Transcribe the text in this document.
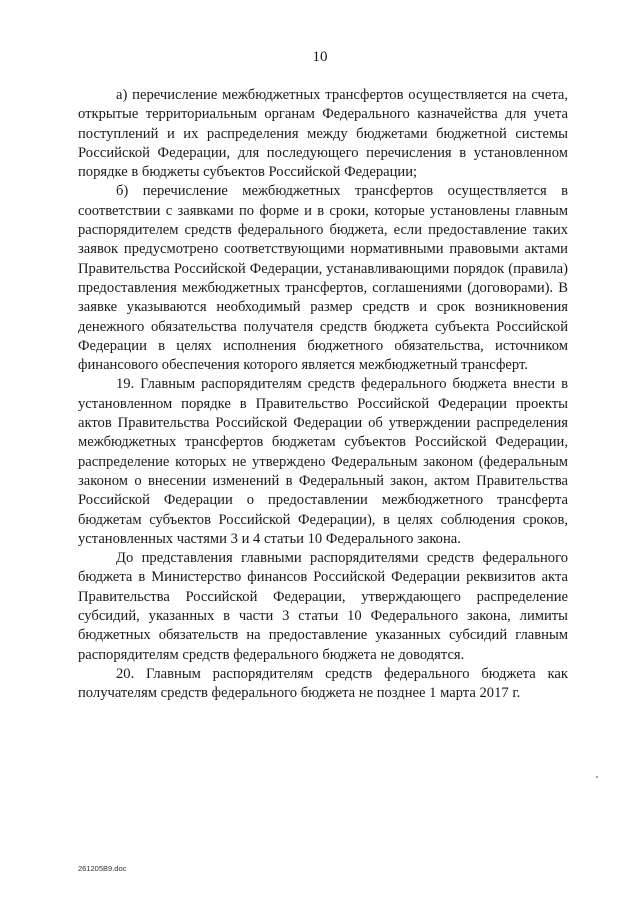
10

а) перечисление межбюджетных трансфертов осуществляется на счета, открытые территориальным органам Федерального казначейства для учета поступлений и их распределения между бюджетами бюджетной системы Российской Федерации, для последующего перечисления в установленном порядке в бюджеты субъектов Российской Федерации;

б) перечисление межбюджетных трансфертов осуществляется в соответствии с заявками по форме и в сроки, которые установлены главным распорядителем средств федерального бюджета, если предоставление таких заявок предусмотрено соответствующими нормативными правовыми актами Правительства Российской Федерации, устанавливающими порядок (правила) предоставления межбюджетных трансфертов, соглашениями (договорами). В заявке указываются необходимый размер средств и срок возникновения денежного обязательства получателя средств бюджета субъекта Российской Федерации в целях исполнения бюджетного обязательства, источником финансового обеспечения которого является межбюджетный трансферт.

19. Главным распорядителям средств федерального бюджета внести в установленном порядке в Правительство Российской Федерации проекты актов Правительства Российской Федерации об утверждении распределения межбюджетных трансфертов бюджетам субъектов Российской Федерации, распределение которых не утверждено Федеральным законом (федеральным законом о внесении изменений в Федеральный закон, актом Правительства Российской Федерации о предоставлении межбюджетного трансферта бюджетам субъектов Российской Федерации), в целях соблюдения сроков, установленных частями 3 и 4 статьи 10 Федерального закона.

До представления главными распорядителями средств федерального бюджета в Министерство финансов Российской Федерации реквизитов акта Правительства Российской Федерации, утверждающего распределение субсидий, указанных в части 3 статьи 10 Федерального закона, лимиты бюджетных обязательств на предоставление указанных субсидий главным распорядителям средств федерального бюджета не доводятся.

20. Главным распорядителям средств федерального бюджета как получателям средств федерального бюджета не позднее 1 марта 2017 г.

261205B9.doc
